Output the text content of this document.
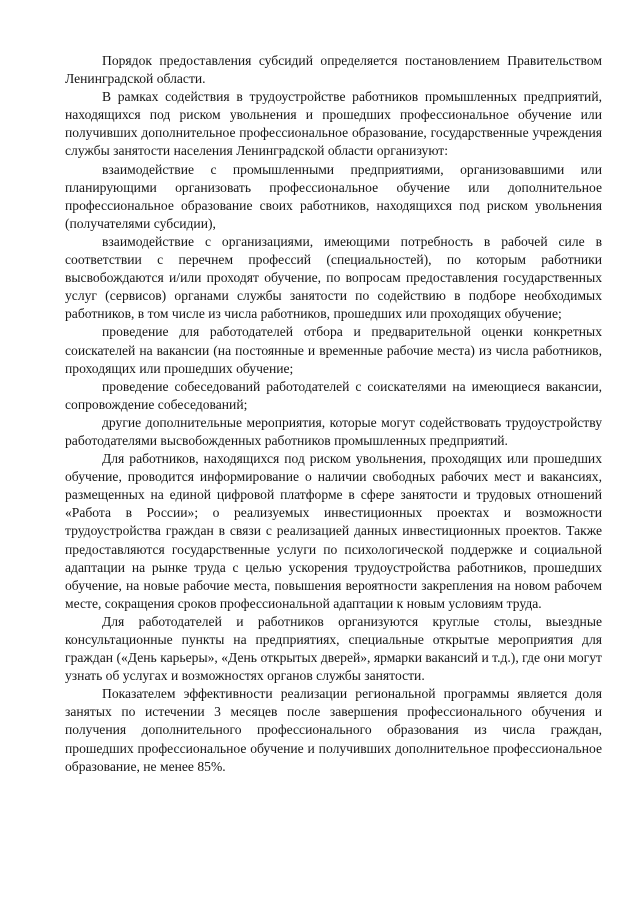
Порядок предоставления субсидий определяется постановлением Правительством Ленинградской области.

В рамках содействия в трудоустройстве работников промышленных предприятий, находящихся под риском увольнения и прошедших профессиональное обучение или получивших дополнительное профессиональное образование, государственные учреждения службы занятости населения Ленинградской области организуют:

взаимодействие с промышленными предприятиями, организовавшими или планирующими организовать профессиональное обучение или дополнительное профессиональное образование своих работников, находящихся под риском увольнения (получателями субсидии),

взаимодействие с организациями, имеющими потребность в рабочей силе в соответствии с перечнем профессий (специальностей), по которым работники высвобождаются и/или проходят обучение, по вопросам предоставления государственных услуг (сервисов) органами службы занятости по содействию в подборе необходимых работников, в том числе из числа работников, прошедших или проходящих обучение;

проведение для работодателей отбора и предварительной оценки конкретных соискателей на вакансии (на постоянные и временные рабочие места) из числа работников, проходящих или прошедших обучение;

проведение собеседований работодателей с соискателями на имеющиеся вакансии, сопровождение собеседований;

другие дополнительные мероприятия, которые могут содействовать трудоустройству работодателями высвобожденных работников промышленных предприятий.

Для работников, находящихся под риском увольнения, проходящих или прошедших обучение, проводится информирование о наличии свободных рабочих мест и вакансиях, размещенных на единой цифровой платформе в сфере занятости и трудовых отношений «Работа в России»; о реализуемых инвестиционных проектах и возможности трудоустройства граждан в связи с реализацией данных инвестиционных проектов. Также предоставляются государственные услуги по психологической поддержке и социальной адаптации на рынке труда с целью ускорения трудоустройства работников, прошедших обучение, на новые рабочие места, повышения вероятности закрепления на новом рабочем месте, сокращения сроков профессиональной адаптации к новым условиям труда.

Для работодателей и работников организуются круглые столы, выездные консультационные пункты на предприятиях, специальные открытые мероприятия для граждан («День карьеры», «День открытых дверей», ярмарки вакансий и т.д.), где они могут узнать об услугах и возможностях органов службы занятости.

Показателем эффективности реализации региональной программы является доля занятых по истечении 3 месяцев после завершения профессионального обучения и получения дополнительного профессионального образования из числа граждан, прошедших профессиональное обучение и получивших дополнительное профессиональное образование, не менее 85%.
